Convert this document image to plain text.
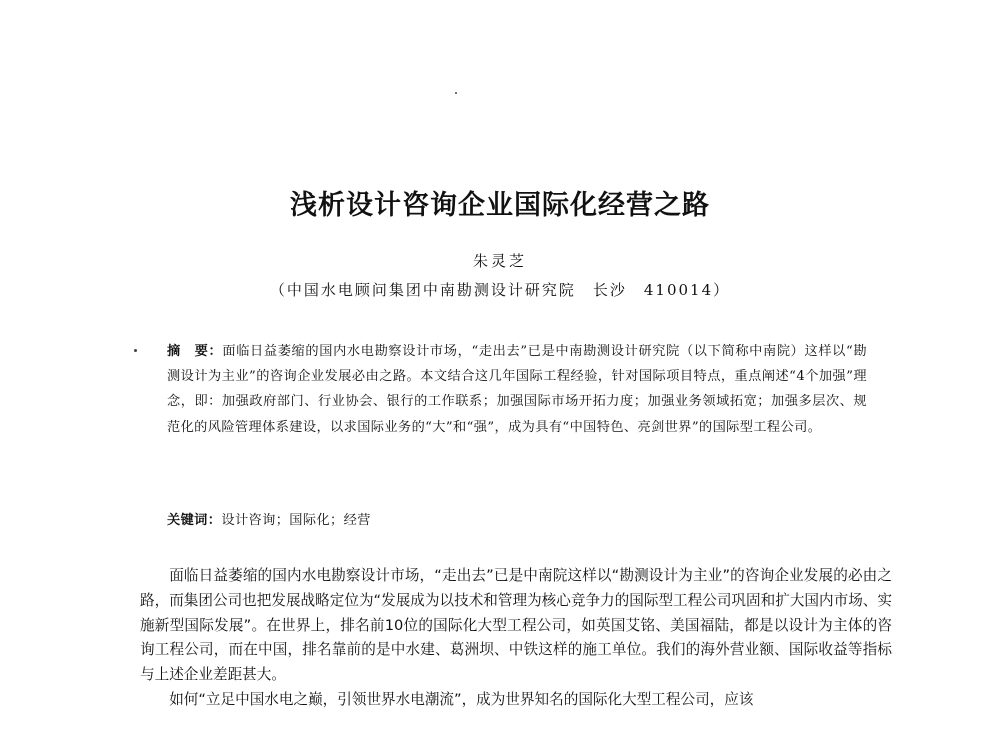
浅析设计咨询企业国际化经营之路
朱灵芝
（中国水电顾问集团中南勘测设计研究院　长沙　410014）
摘　要：面临日益萎缩的国内水电勘察设计市场，“走出去”已是中南勘测设计研究院（以下简称中南院）这样以“勘测设计为主业”的咨询企业发展必由之路。本文结合这几年国际工程经验，针对国际项目特点，重点阐述“4个加强”理念，即：加强政府部门、行业协会、银行的工作联系；加强国际市场开拓力度；加强业务领域拓宽；加强多层次、规范化的风险管理体系建设，以求国际业务的“大”和“强”，成为具有“中国特色、亮剑世界”的国际型工程公司。
关键词：设计咨询；国际化；经营

面临日益萎缩的国内水电勘察设计市场，“走出去”已是中南院这样以“勘测设计为主业”的咨询企业发展的必由之路，而集团公司也把发展战略定位为“发展成为以技术和管理为核心竞争力的国际型工程公司巩固和扩大国内市场、实施新型国际发展”。在世界上，排名前10位的国际化大型工程公司，如英国艾铭、美国福陆，都是以设计为主体的咨询工程公司，而在中国，排名靠前的是中水建、葛洲坝、中铁这样的施工单位。我们的海外营业额、国际收益等指标与上述企业差距甚大。

如何“立足中国水电之巅，引领世界水电潮流”，成为世界知名的国际化大型工程公司，应该
